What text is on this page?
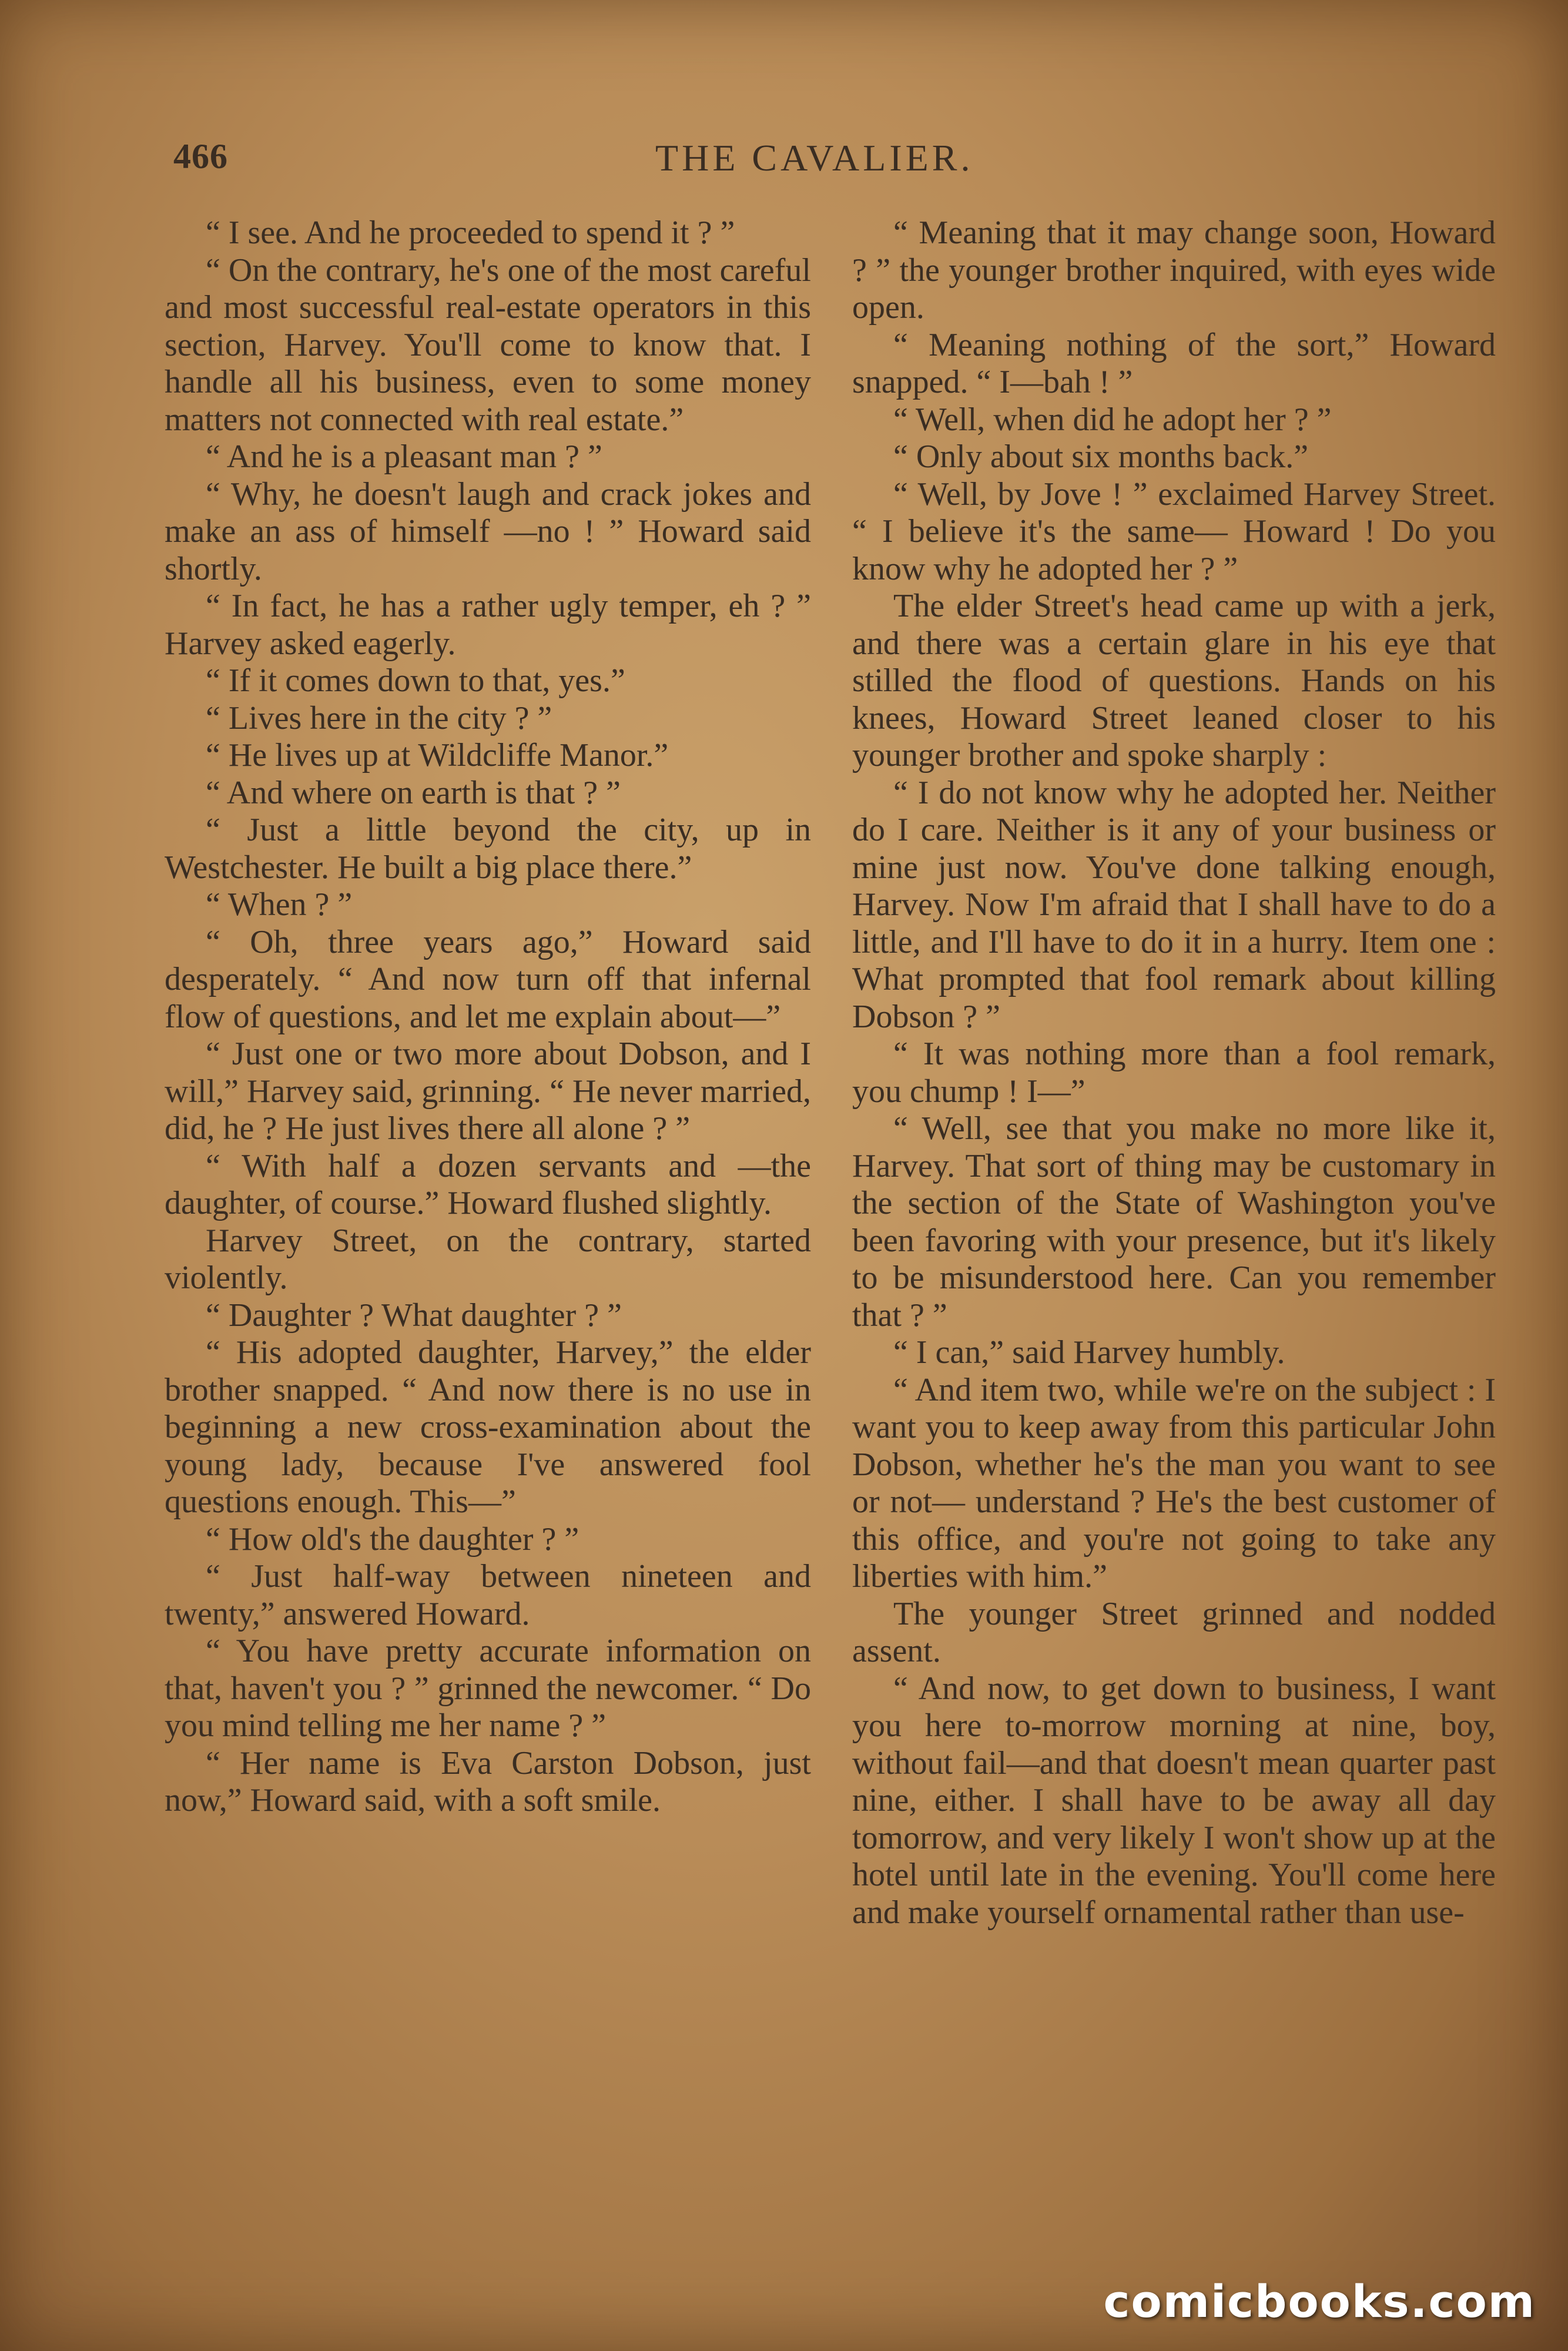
466	THE CAVALIER.

“ I see. And he proceeded to spend it ? ”

“ On the contrary, he's one of the most careful and most successful real-estate operators in this section, Harvey. You'll come to know that. I handle all his business, even to some money matters not connected with real estate.”

“ And he is a pleasant man ? ”

“ Why, he doesn't laugh and crack jokes and make an ass of himself —no ! ” Howard said shortly.

“ In fact, he has a rather ugly temper, eh ? ” Harvey asked eagerly.

“ If it comes down to that, yes.”

“ Lives here in the city ? ”

“ He lives up at Wildcliffe Manor.”

“ And where on earth is that ? ”

“ Just a little beyond the city, up in Westchester. He built a big place there.”

“ When ? ”

“ Oh, three years ago,” Howard said desperately. “ And now turn off that infernal flow of questions, and let me explain about—”

“ Just one or two more about Dobson, and I will,” Harvey said, grinning. “ He never married, did, he ? He just lives there all alone ? ”

“ With half a dozen servants and —the daughter, of course.” Howard flushed slightly.

Harvey Street, on the contrary, started violently.

“ Daughter ? What daughter ? ”

“ His adopted daughter, Harvey,” the elder brother snapped. “ And now there is no use in beginning a new cross-examination about the young lady, because I've answered fool questions enough. This—”

“ How old's the daughter ? ”

“ Just half-way between nineteen and twenty,” answered Howard.

“ You have pretty accurate information on that, haven't you ? ” grinned the newcomer. “ Do you mind telling me her name ? ”

“ Her name is Eva Carston Dobson, just now,” Howard said, with a soft smile.

“ Meaning that it may change soon, Howard ? ” the younger brother inquired, with eyes wide open.

“ Meaning nothing of the sort,” Howard snapped. “ I—bah ! ”

“ Well, when did he adopt her ? ”

“ Only about six months back.”

“ Well, by Jove ! ” exclaimed Harvey Street. “ I believe it's the same— Howard ! Do you know why he adopted her ? ”

The elder Street's head came up with a jerk, and there was a certain glare in his eye that stilled the flood of questions. Hands on his knees, Howard Street leaned closer to his younger brother and spoke sharply :

“ I do not know why he adopted her. Neither do I care. Neither is it any of your business or mine just now. You've done talking enough, Harvey. Now I'm afraid that I shall have to do a little, and I'll have to do it in a hurry. Item one : What prompted that fool remark about killing Dobson ? ”

“ It was nothing more than a fool remark, you chump ! I—”

“ Well, see that you make no more like it, Harvey. That sort of thing may be customary in the section of the State of Washington you've been favoring with your presence, but it's likely to be misunderstood here. Can you remember that ? ”

“ I can,” said Harvey humbly.

“ And item two, while we're on the subject : I want you to keep away from this particular John Dobson, whether he's the man you want to see or not— understand ? He's the best customer of this office, and you're not going to take any liberties with him.”

The younger Street grinned and nodded assent.

“ And now, to get down to business, I want you here to-morrow morning at nine, boy, without fail—and that doesn't mean quarter past nine, either. I shall have to be away all day tomorrow, and very likely I won't show up at the hotel until late in the evening. You'll come here and make yourself ornamental rather than use-

comicbooks.com
